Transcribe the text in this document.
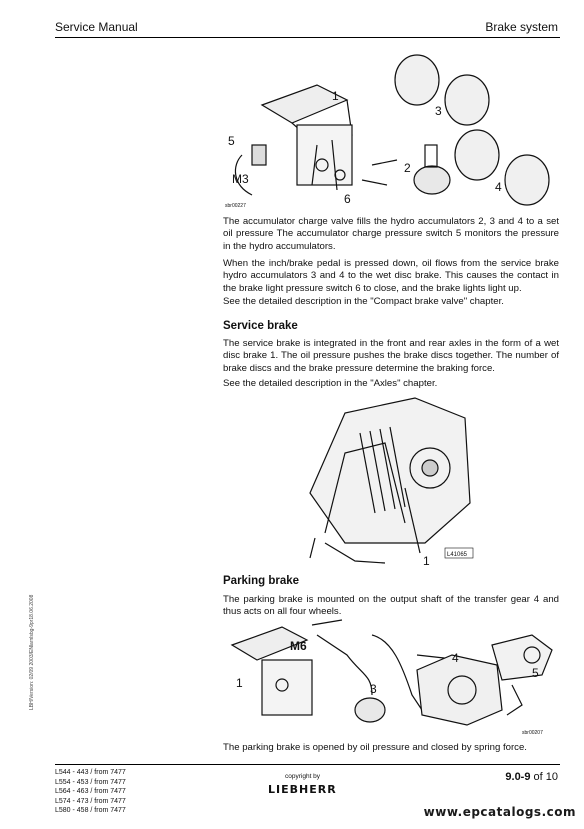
Service Manual	Brake system
1
2
3
4
5
6
M3
sbr00227

The accumulator charge valve fills the hydro accumulators 2, 3 and 4 to a set oil pressure The accumulator charge pressure switch 5 monitors the pressure in the hydro accumulators.

When the inch/brake pedal is pressed down, oil flows from the service brake hydro accumulators 3 and 4 to the wet disc brake. This causes the contact in the brake light pressure switch 6 to close, and the brake lights light up.

See the detailed description in the "Compact brake valve" chapter.

Service brake

The service brake is integrated in the front and rear axles in the form of a wet disc brake 1. The oil pressure pushes the brake discs together. The number of brake discs and the brake pressure determine the braking force.

See the detailed description in the "Axles" chapter.

1	L41065
Parking brake

The parking brake is mounted on the output shaft of the transfer gear 4 and thus acts on all four wheels.

1	3
4
5
M6
sbr00207

The parking brake is opened by oil pressure and closed by spring force.

LBH/Version: 02/09 2003/ENlarnlsbg-9pr18.06.2008
L544 - 443 / from 7477
L554 - 453 / from 7477
L564 - 463 / from 7477
L574 - 473 / from 7477
L580 - 458 / from 7477
copyright by
LIEBHERR
9.0-9 of 10
www.epcatalogs.com
